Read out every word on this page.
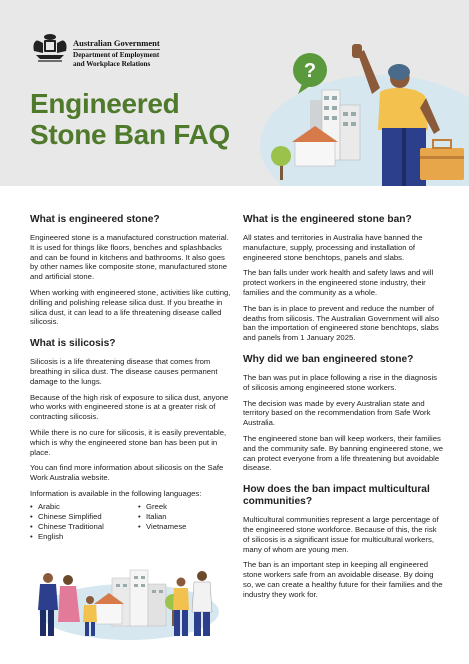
Australian Government
Department of Employment
and Workplace Relations
Engineered
Stone Ban FAQ
?
What is engineered stone?

Engineered stone is a manufactured construction material. It is used for things like floors, benches and splashbacks and can be found in kitchens and bathrooms. It also goes by other names like composite stone, manufactured stone and artificial stone.

When working with engineered stone, activities like cutting, drilling and polishing release silica dust. If you breathe in silica dust, it can lead to a life threatening disease called silicosis.

What is silicosis?

Silicosis is a life threatening disease that comes from breathing in silica dust. The disease causes permanent damage to the lungs.

Because of the high risk of exposure to silica dust, anyone who works with engineered stone is at a greater risk of contracting silicosis.

While there is no cure for silicosis, it is easily preventable, which is why the engineered stone ban has been put in place.

You can find more information about silicosis on the Safe Work Australia website.

Information is available in the following languages:

• Arabic	• Greek
• Chinese Simplified	• Italian
• Chinese Traditional	• Vietnamese
• English
What is the engineered stone ban?

All states and territories in Australia have banned the manufacture, supply, processing and installation of engineered stone benchtops, panels and slabs.

The ban falls under work health and safety laws and will protect workers in the engineered stone industry, their families and the community as a whole.

The ban is in place to prevent and reduce the number of deaths from silicosis. The Australian Government will also ban the importation of engineered stone benchtops, slabs and panels from 1 January 2025.

Why did we ban engineered stone?

The ban was put in place following a rise in the diagnosis of silicosis among engineered stone workers.

The decision was made by every Australian state and territory based on the recommendation from Safe Work Australia.

The engineered stone ban will keep workers, their families and the community safe. By banning engineered stone, we can protect everyone from a life threatening but avoidable disease.

How does the ban impact multicultural communities?

Multicultural communities represent a large percentage of the engineered stone workforce. Because of this, the risk of silicosis is a significant issue for multicultural workers, many of whom are young men.

The ban is an important step in keeping all engineered stone workers safe from an avoidable disease. By doing so, we can create a healthy future for their families and the industry they work for.
